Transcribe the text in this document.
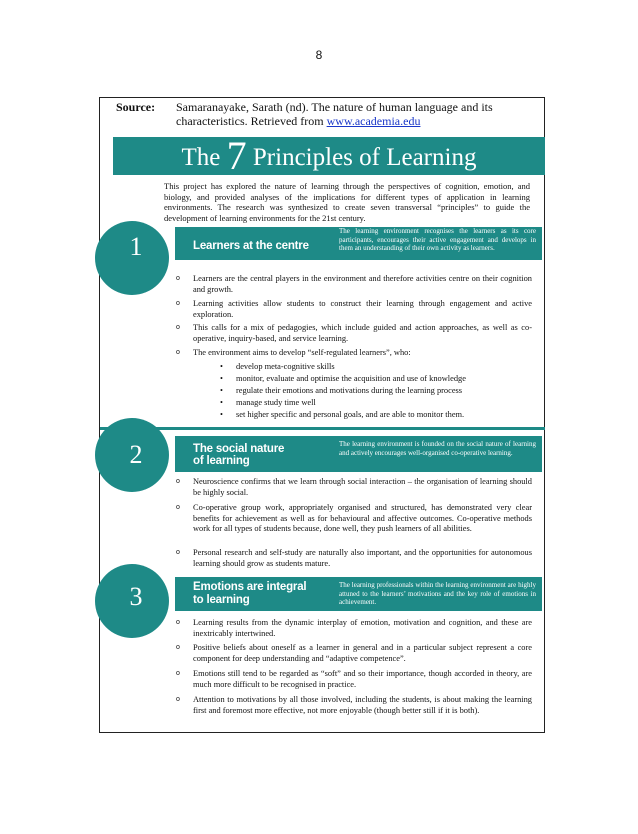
8
Source: Samaranayake, Sarath (nd). The nature of human language and its characteristics. Retrieved from www.academia.edu
The 7 Principles of Learning
This project has explored the nature of learning through the perspectives of cognition, emotion, and biology, and provided analyses of the implications for different types of application in learning environments. The research was synthesized to create seven transversal “principles” to guide the development of learning environments for the 21st century.
1	Learners at the centre
The learning environment recognises the learners as its core participants, encourages their active engagement and develops in them an understanding of their own activity as learners.
o Learners are the central players in the environment and therefore activities centre on their cognition and growth.
o Learning activities allow students to construct their learning through engagement and active exploration.
o This calls for a mix of pedagogies, which include guided and action approaches, as well as co-operative, inquiry-based, and service learning.
o The environment aims to develop “self-regulated learners”, who:
• develop meta-cognitive skills
• monitor, evaluate and optimise the acquisition and use of knowledge
• regulate their emotions and motivations during the learning process
• manage study time well
• set higher specific and personal goals, and are able to monitor them.
2	The social nature
of learning
The learning environment is founded on the social nature of learning and actively encourages well-organised co-operative learning.
o Neuroscience confirms that we learn through social interaction – the organisation of learning should be highly social.
o Co-operative group work, appropriately organised and structured, has demonstrated very clear benefits for achievement as well as for behavioural and affective outcomes. Co-operative methods work for all types of students because, done well, they push learners of all abilities.
o Personal research and self-study are naturally also important, and the opportunities for autonomous learning should grow as students mature.
3	Emotions are integral
to learning
The learning professionals within the learning environment are highly attuned to the learners’ motivations and the key role of emotions in achievement.
o Learning results from the dynamic interplay of emotion, motivation and cognition, and these are inextricably intertwined.
o Positive beliefs about oneself as a learner in general and in a particular subject represent a core component for deep understanding and “adaptive competence”.
o Emotions still tend to be regarded as “soft” and so their importance, though accorded in theory, are much more difficult to be recognised in practice.
o Attention to motivations by all those involved, including the students, is about making the learning first and foremost more effective, not more enjoyable (though better still if it is both).
